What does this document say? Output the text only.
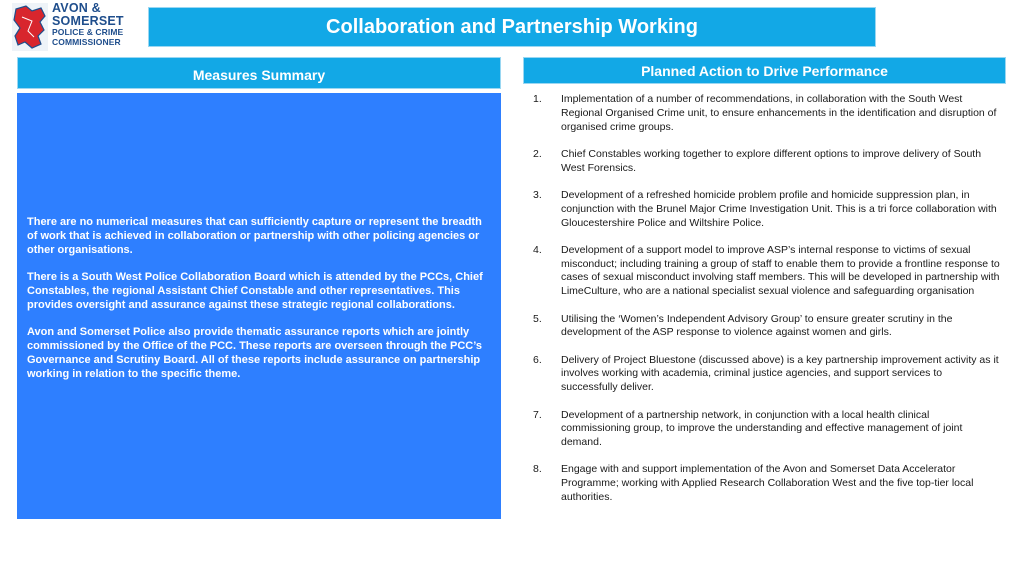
AVON &
SOMERSET
POLICE & CRIME
COMMISSIONER
Collaboration and Partnership Working
Measures Summary

There are no numerical measures that can sufficiently capture or represent the breadth of work that is achieved in collaboration or partnership with other policing agencies or other organisations.

There is a South West Police Collaboration Board which is attended by the PCCs, Chief Constables, the regional Assistant Chief Constable and other representatives. This provides oversight and assurance against these strategic regional collaborations.

Avon and Somerset Police also provide thematic assurance reports which are jointly commissioned by the Office of the PCC. These reports are overseen through the PCC’s Governance and Scrutiny Board. All of these reports include assurance on partnership working in relation to the specific theme.

Planned Action to Drive Performance
1.	Implementation of a number of recommendations, in collaboration with the South West Regional Organised Crime unit, to ensure enhancements in the identification and disruption of organised crime groups.
2.	Chief Constables working together to explore different options to improve delivery of South West Forensics.
3.	Development of a refreshed homicide problem profile and homicide suppression plan, in conjunction with the Brunel Major Crime Investigation Unit. This is a tri force collaboration with Gloucestershire Police and Wiltshire Police.
4.	Development of a support model to improve ASP’s internal response to victims of sexual misconduct; including training a group of staff to enable them to provide a frontline response to cases of sexual misconduct involving staff members. This will be developed in partnership with LimeCulture, who are a national specialist sexual violence and safeguarding organisation
5.	Utilising the ‘Women’s Independent Advisory Group’ to ensure greater scrutiny in the development of the ASP response to violence against women and girls.
6.	Delivery of Project Bluestone (discussed above) is a key partnership improvement activity as it involves working with academia, criminal justice agencies, and support services to successfully deliver.
7.	Development of a partnership network, in conjunction with a local health clinical commissioning group, to improve the understanding and effective management of joint demand.
8.	Engage with and support implementation of the Avon and Somerset Data Accelerator Programme; working with Applied Research Collaboration West and the five top-tier local authorities.
